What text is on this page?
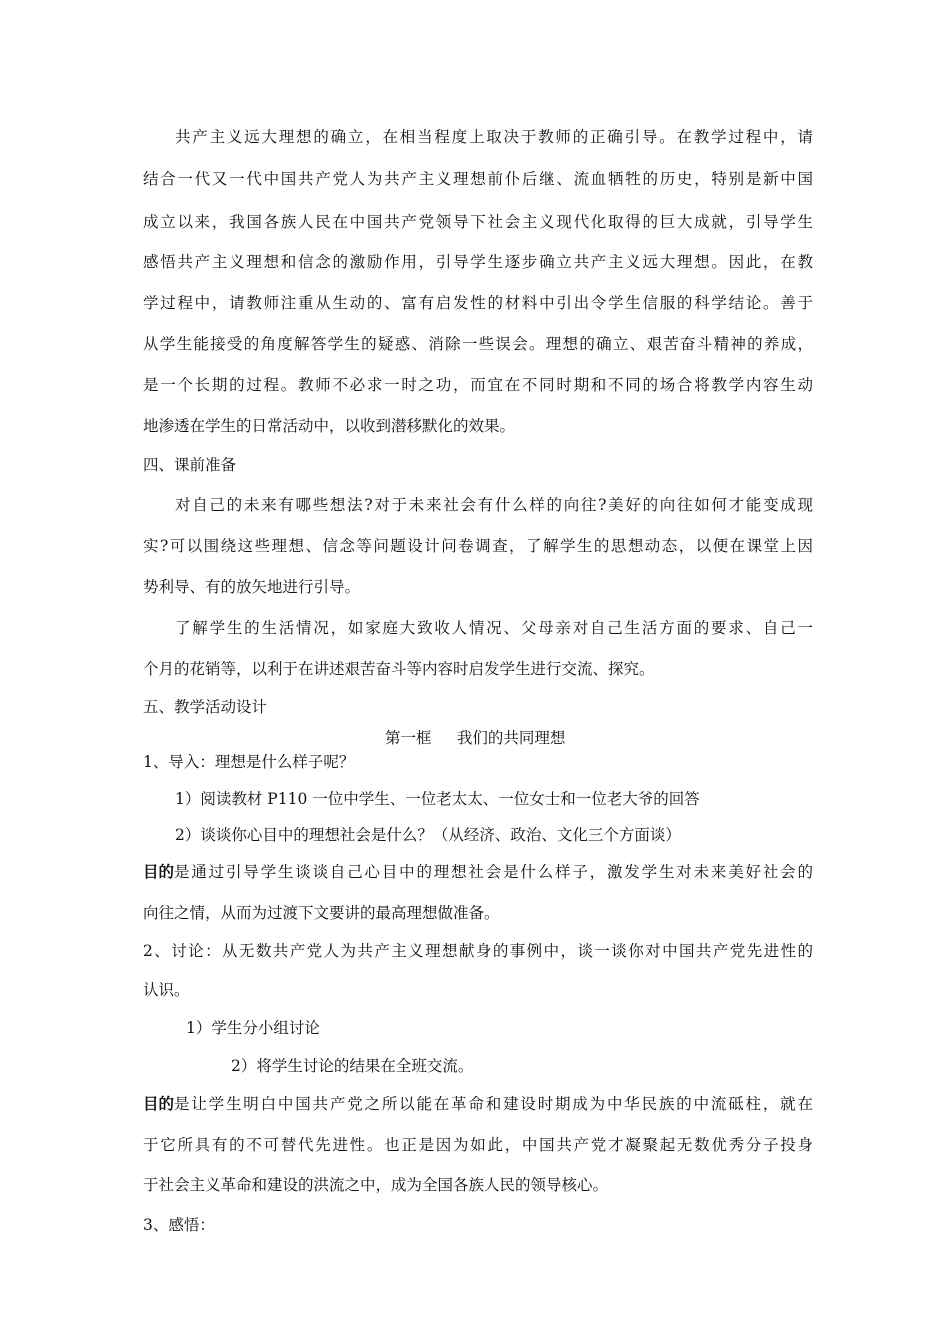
共产主义远大理想的确立，在相当程度上取决于教师的正确引导。在教学过程中，请
结合一代又一代中国共产党人为共产主义理想前仆后继、流血牺牲的历史，特别是新中国
成立以来，我国各族人民在中国共产党领导下社会主义现代化取得的巨大成就，引导学生
感悟共产主义理想和信念的激励作用，引导学生逐步确立共产主义远大理想。因此，在教
学过程中，请教师注重从生动的、富有启发性的材料中引出令学生信服的科学结论。善于
从学生能接受的角度解答学生的疑惑、消除一些误会。理想的确立、艰苦奋斗精神的养成，
是一个长期的过程。教师不必求一时之功，而宜在不同时期和不同的场合将教学内容生动
地渗透在学生的日常活动中，以收到潜移默化的效果。
四、课前准备
对自己的未来有哪些想法?对于未来社会有什么样的向往?美好的向往如何才能变成现
实?可以围绕这些理想、信念等问题设计问卷调查，了解学生的思想动态，以便在课堂上因
势利导、有的放矢地进行引导。
了解学生的生活情况，如家庭大致收人情况、父母亲对自己生活方面的要求、自己一
个月的花销等，以利于在讲述艰苦奋斗等内容时启发学生进行交流、探究。
五、教学活动设计
第一框　  我们的共同理想
1、导入：理想是什么样子呢？
1）阅读教材 P110 一位中学生、一位老太太、一位女士和一位老大爷的回答
2）谈谈你心目中的理想社会是什么？（从经济、政治、文化三个方面谈）
目的 是通过引导学生谈谈自己心目中的理想社会是什么样子，激发学生对未来美好社会的
向往之情，从而为过渡下文要讲的最高理想做准备。
2、讨论：从无数共产党人为共产主义理想献身的事例中，谈一谈你对中国共产党先进性的
认识。
1）学生分小组讨论
2）将学生讨论的结果在全班交流。
目的 是让学生明白中国共产党之所以能在革命和建设时期成为中华民族的中流砥柱，就在
于它所具有的不可替代先进性。也正是因为如此，中国共产党才凝聚起无数优秀分子投身
于社会主义革命和建设的洪流之中，成为全国各族人民的领导核心。
3、感悟：
